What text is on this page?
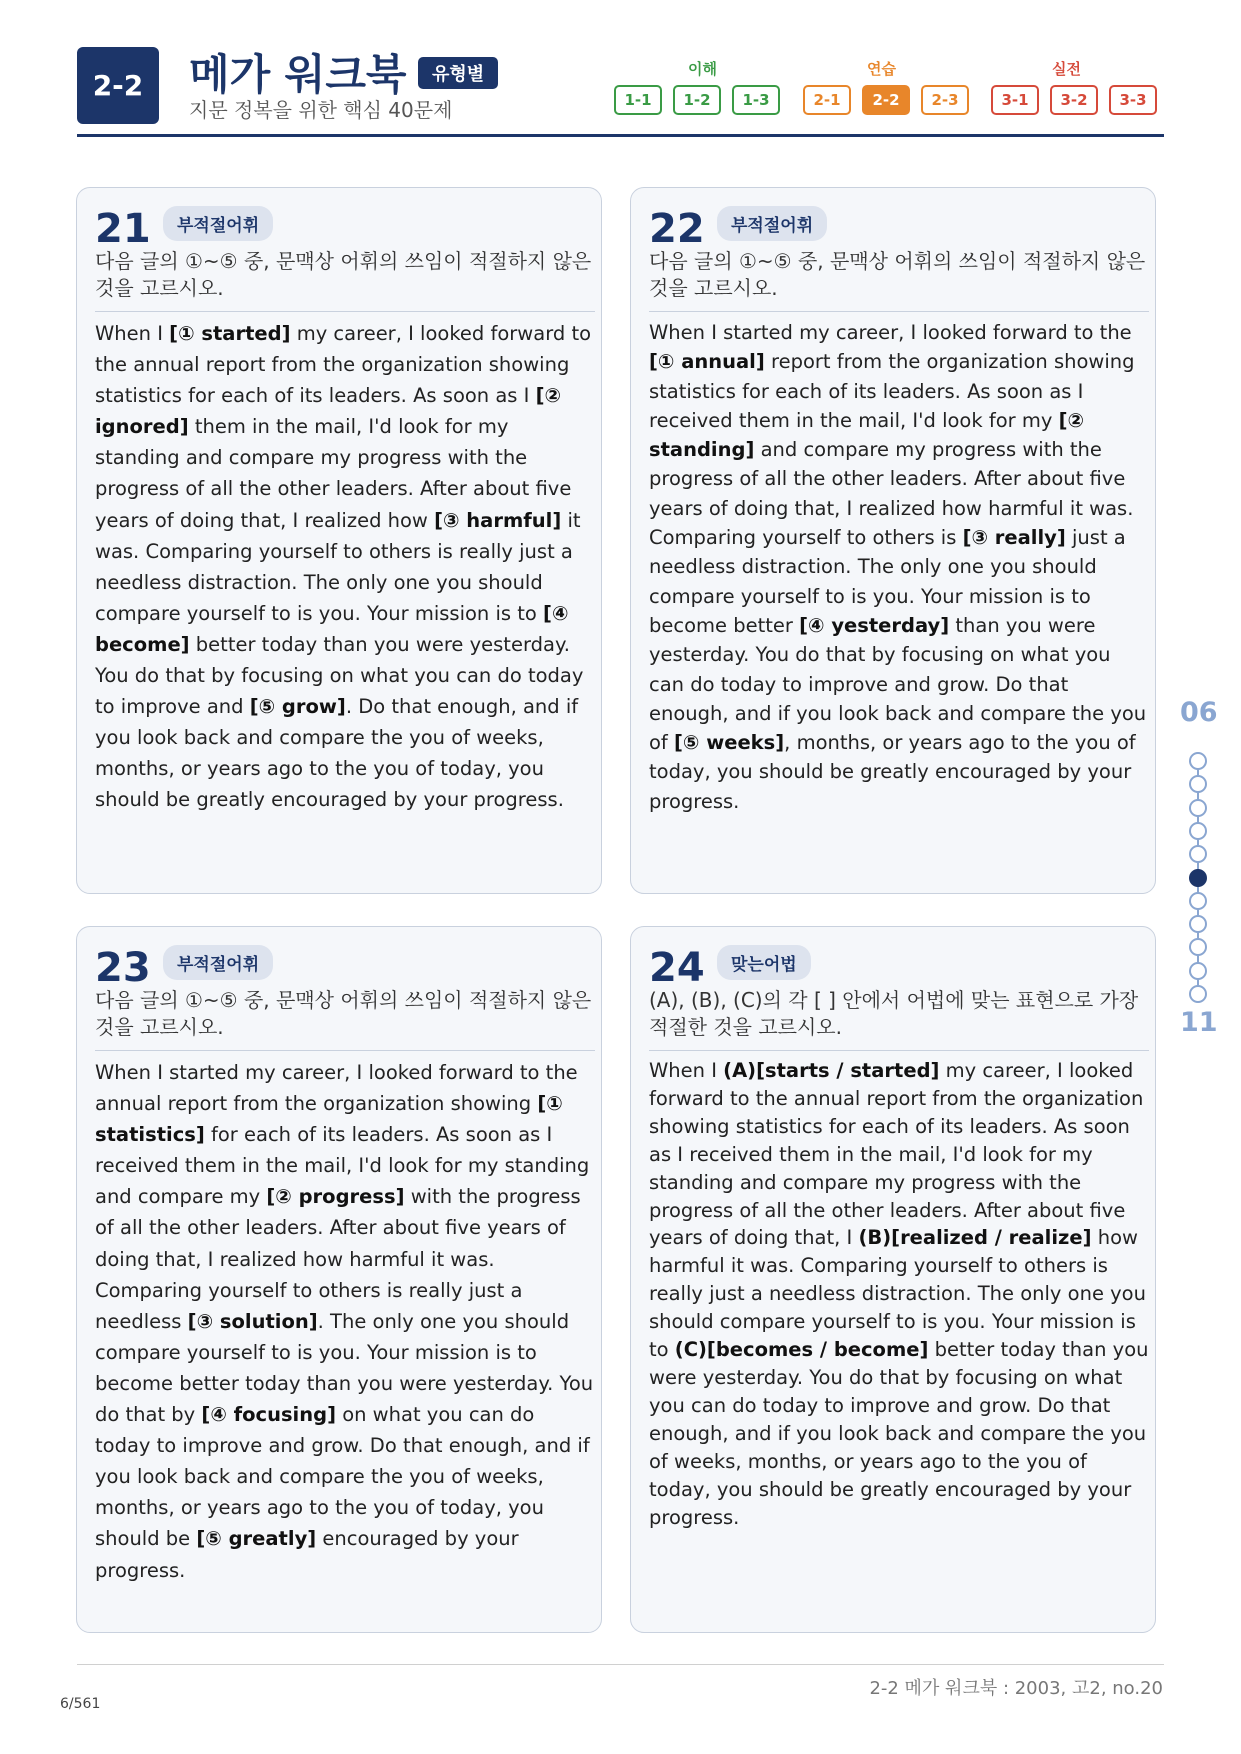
2-2	메가 워크북	유형별
지문 정복을 위한 핵심 40문제
이해	연습	실전
1-1	1-2	1-3	2-1	2-2	2-3	3-1	3-2	3-3
21	부적절어휘
다음 글의 ①~⑤ 중, 문맥상 어휘의 쓰임이 적절하지 않은 것을 고르시오.
When I [① started] my career, I looked forward to the annual report from the organization showing statistics for each of its leaders. As soon as I [② ignored] them in the mail, I'd look for my standing and compare my progress with the progress of all the other leaders. After about five years of doing that, I realized how [③ harmful] it was. Comparing yourself to others is really just a needless distraction. The only one you should compare yourself to is you. Your mission is to [④ become] better today than you were yesterday. You do that by focusing on what you can do today to improve and [⑤ grow]. Do that enough, and if you look back and compare the you of weeks, months, or years ago to the you of today, you should be greatly encouraged by your progress.
22	부적절어휘
다음 글의 ①~⑤ 중, 문맥상 어휘의 쓰임이 적절하지 않은 것을 고르시오.
When I started my career, I looked forward to the [① annual] report from the organization showing statistics for each of its leaders. As soon as I received them in the mail, I'd look for my [② standing] and compare my progress with the progress of all the other leaders. After about five years of doing that, I realized how harmful it was. Comparing yourself to others is [③ really] just a needless distraction. The only one you should compare yourself to is you. Your mission is to become better [④ yesterday] than you were yesterday. You do that by focusing on what you can do today to improve and grow. Do that enough, and if you look back and compare the you of [⑤ weeks], months, or years ago to the you of today, you should be greatly encouraged by your progress.
23	부적절어휘
다음 글의 ①~⑤ 중, 문맥상 어휘의 쓰임이 적절하지 않은 것을 고르시오.
When I started my career, I looked forward to the annual report from the organization showing [① statistics] for each of its leaders. As soon as I received them in the mail, I'd look for my standing and compare my [② progress] with the progress of all the other leaders. After about five years of doing that, I realized how harmful it was. Comparing yourself to others is really just a needless [③ solution]. The only one you should compare yourself to is you. Your mission is to become better today than you were yesterday. You do that by [④ focusing] on what you can do today to improve and grow. Do that enough, and if you look back and compare the you of weeks, months, or years ago to the you of today, you should be [⑤ greatly] encouraged by your progress.
24	맞는어법
(A), (B), (C)의 각 [ ] 안에서 어법에 맞는 표현으로 가장 적절한 것을 고르시오.
When I (A)[starts / started] my career, I looked forward to the annual report from the organization showing statistics for each of its leaders. As soon as I received them in the mail, I'd look for my standing and compare my progress with the progress of all the other leaders. After about five years of doing that, I (B)[realized / realize] how harmful it was. Comparing yourself to others is really just a needless distraction. The only one you should compare yourself to is you. Your mission is to (C)[becomes / become] better today than you were yesterday. You do that by focusing on what you can do today to improve and grow. Do that enough, and if you look back and compare the you of weeks, months, or years ago to the you of today, you should be greatly encouraged by your progress.
06
11
2-2 메가 워크북 : 2003, 고2, no.20
6/561
